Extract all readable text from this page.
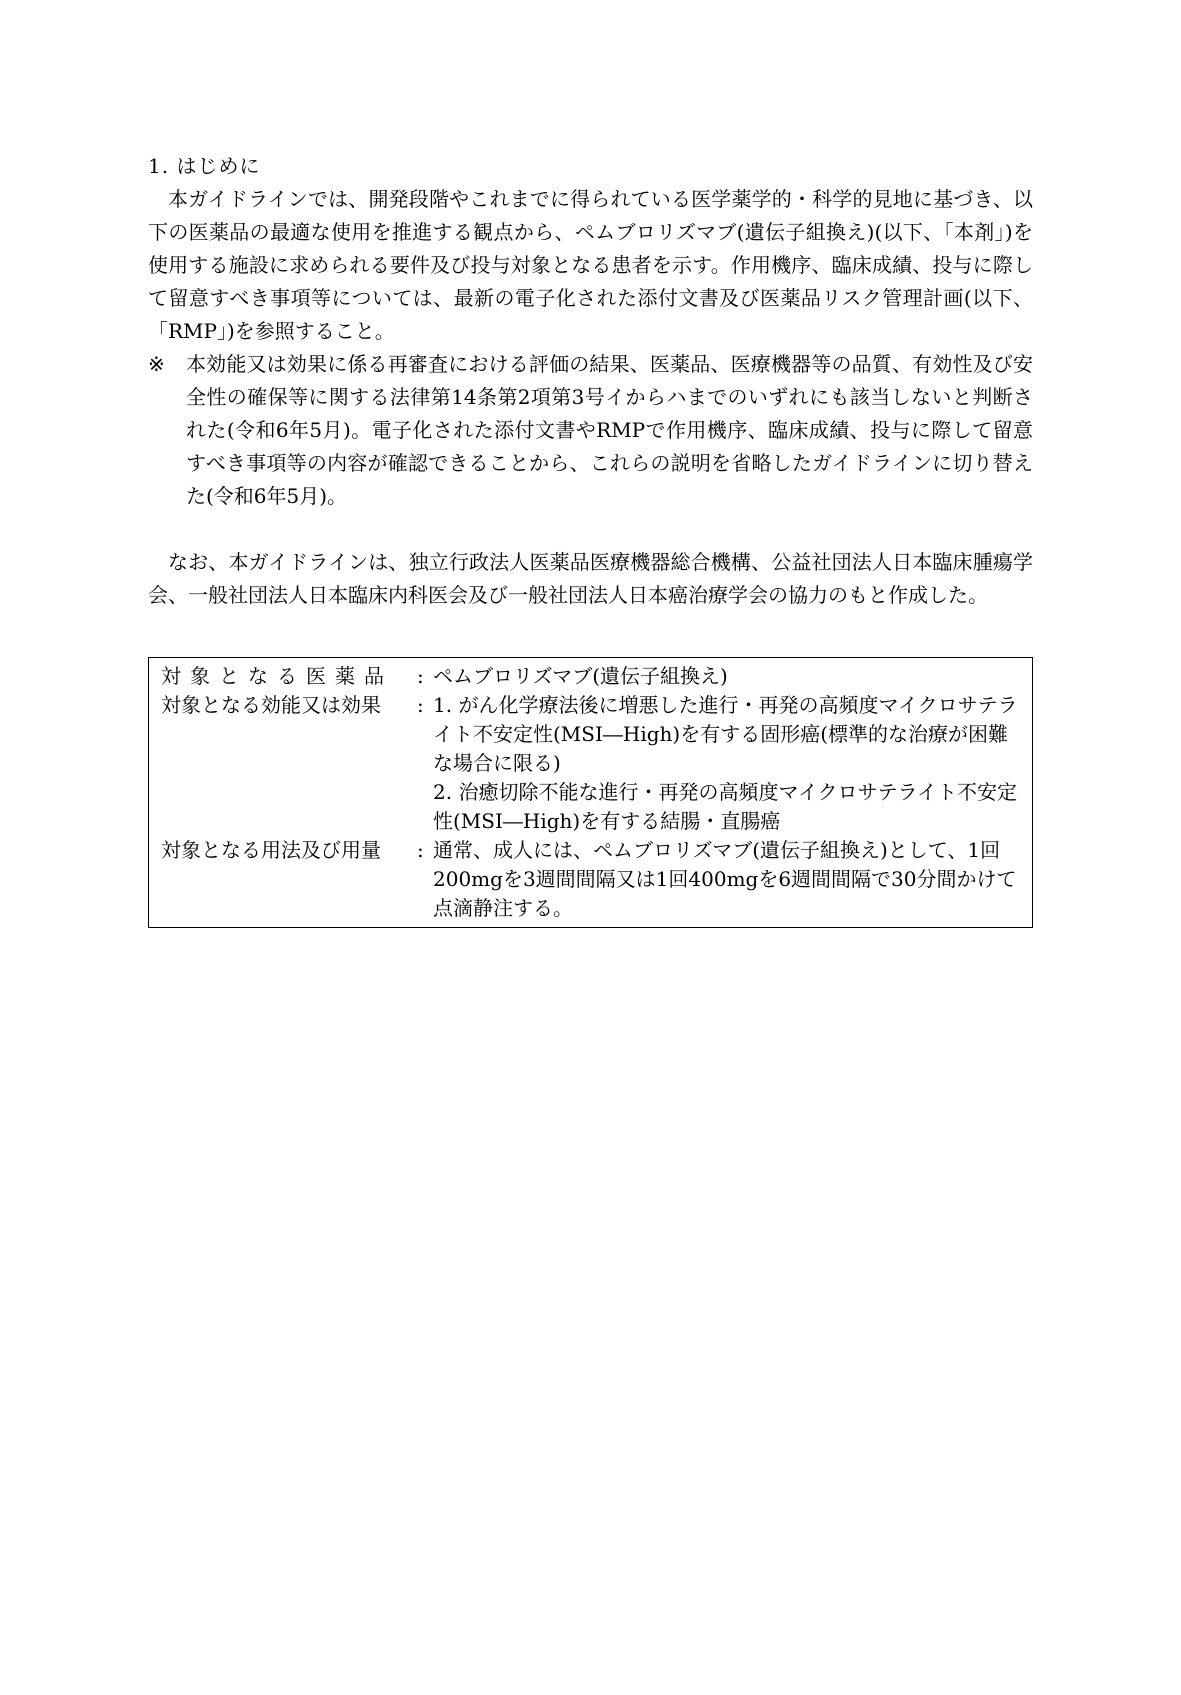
1. はじめに

本ガイドラインでは、開発段階やこれまでに得られている医学薬学的・科学的見地に基づき、以下の医薬品の最適な使用を推進する観点から、ペムブロリズマブ(遺伝子組換え)(以下、「本剤」)を使用する施設に求められる要件及び投与対象となる患者を示す。作用機序、臨床成績、投与に際して留意すべき事項等については、最新の電子化された添付文書及び医薬品リスク管理計画(以下、「RMP」)を参照すること。

※	本効能又は効果に係る再審査における評価の結果、医薬品、医療機器等の品質、有効性及び安全性の確保等に関する法律第14条第2項第3号イからハまでのいずれにも該当しないと判断された(令和6年5月)。電子化された添付文書やRMPで作用機序、臨床成績、投与に際して留意すべき事項等の内容が確認できることから、これらの説明を省略したガイドラインに切り替えた(令和6年5月)。

なお、本ガイドラインは、独立行政法人医薬品医療機器総合機構、公益社団法人日本臨床腫瘍学会、一般社団法人日本臨床内科医会及び一般社団法人日本癌治療学会の協力のもと作成した。

対象となる医薬品	: ペムブロリズマブ(遺伝子組換え)
対象となる効能又は効果	: 1. がん化学療法後に増悪した進行・再発の高頻度マイクロサテライト不安定性(MSI―High)を有する固形癌(標準的な治療が困難な場合に限る)
2. 治癒切除不能な進行・再発の高頻度マイクロサテライト不安定性(MSI―High)を有する結腸・直腸癌
対象となる用法及び用量	: 通常、成人には、ペムブロリズマブ(遺伝子組換え)として、1回200mgを3週間間隔又は1回400mgを6週間間隔で30分間かけて点滴静注する。
